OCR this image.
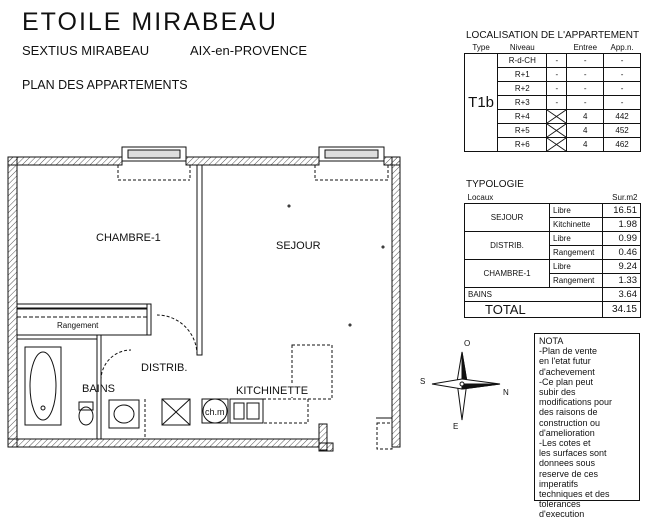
ETOILE MIRABEAU
SEXTIUS MIRABEAU	AIX-en-PROVENCE
PLAN DES APPARTEMENTS
LOCALISATION DE L'APPARTEMENT
Type	Niveau		Entree	App.n.
T1b	R-d-CH	-	-	-
	R+1	-	-	-
	R+2	-	-	-
	R+3	-	-	-
	R+4		4	442
	R+5		4	452
	R+6		4	462
TYPOLOGIE
Locaux		Sur.m2
SEJOUR	Libre	16.51
	Kitchinette	1.98
DISTRIB.	Libre	0.99
	Rangement	0.46
CHAMBRE-1	Libre	9.24
	Rangement	1.33
BAINS		3.64
TOTAL		34.15
NOTA
-Plan de vente
en l'etat futur
d'achevement
-Ce plan peut
subir des
modifications pour
des raisons de
construction ou
d'amelioration
-Les cotes et
les surfaces sont
donnees sous
reserve de ces
imperatifs
techniques et des
tolerances
d'execution
CHAMBRE-1
SEJOUR
Rangement
DISTRIB.
BAINS	KITCHINETTE
ch.m
O
S
N
E
